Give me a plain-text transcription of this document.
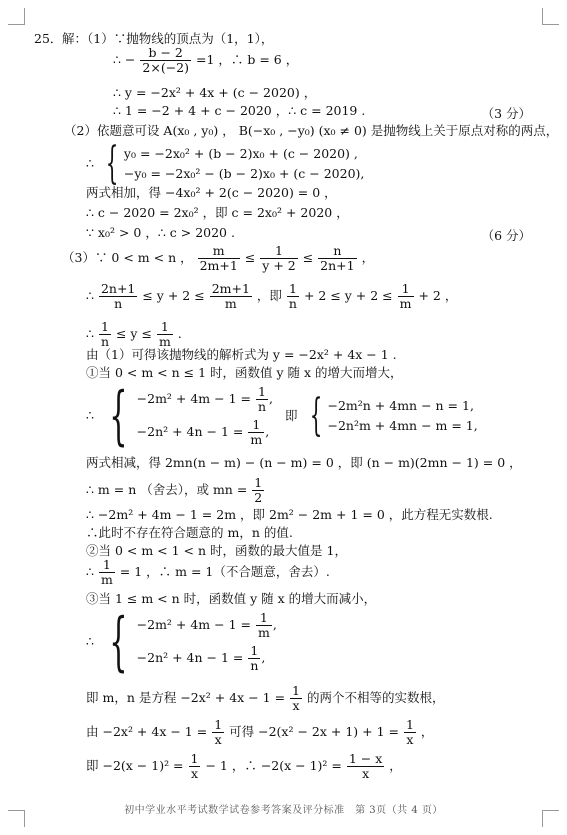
25． 解：（1）∵抛物线的顶点为（1，1），
∴ − $\frac{b - 2}{2\times(-2)} =1$ ，∴ b = 6 ，
∴ y = −2x² + 4x + (c − 2020) ，
∴ 1 = −2 + 4 + c − 2020 ，∴ c = 2019 .	（3 分）
（2）依题意可设 A(x₀ , y₀) ， B(−x₀ , −y₀) (x₀ ≠ 0) 是抛物线上关于原点对称的两点，
∴ { y₀ = −2x₀² + (b − 2)x₀ + (c − 2020) ,
−y₀ = −2x₀² − (b − 2)x₀ + (c − 2020),
两式相加，得 −4x₀² + 2(c − 2020) = 0 ，
∴ c − 2020 = 2x₀² ，即 c = 2x₀² + 2020 ，
∵ x₀² > 0 ，∴ c > 2020 .	（6 分）
（3）∵ 0 < m < n ， $\frac{m}{2m+1} \le \frac{1}{y + 2} \le \frac{n}{2n+1}$ ，
∴ $\frac{2n+1}{n} \le y + 2 \le \frac{2m+1}{m}$ ，即 $\frac{1}{n} + 2 \le y + 2 \le \frac{1}{m} + 2$ ，
∴ $\frac{1}{n} \le y \le \frac{1}{m}$ .
由（1）可得该抛物线的解析式为 y = −2x² + 4x − 1 .
①当 0 < m < n ≤ 1 时，函数值 y 随 x 的增大而增大，
∴ { $-2m^2 + 4m - 1 = \frac{1}{n}$ ,
$-2n^2 + 4n - 1 = \frac{1}{m}$ ,
即 { −2m²n + 4mn − n = 1,
−2n²m + 4mn − m = 1,
两式相减，得 2mn(n − m) − (n − m) = 0 ，即 (n − m)(2mn − 1) = 0 ，
∴ m = n （舍去），或 mn = $\frac{1}{2}$
∴ −2m² + 4m − 1 = 2m ，即 2m² − 2m + 1 = 0 ，此方程无实数根.
∴此时不存在符合题意的 m，n 的值.
②当 0 < m < 1 < n 时，函数的最大值是 1，
∴ $\frac{1}{m} = 1$ ，∴ m = 1（不合题意，舍去）.
③当 1 ≤ m < n 时，函数值 y 随 x 的增大而减小，
∴ { $-2m^2 + 4m - 1 = \frac{1}{m}$ ,
$-2n^2 + 4n - 1 = \frac{1}{n}$ ,
即 m，n 是方程 $-2x^2 + 4x - 1 = \frac{1}{x}$ 的两个不相等的实数根，
由 $-2x^2 + 4x - 1 = \frac{1}{x}$ 可得 $-2(x^2 - 2x + 1) + 1 = \frac{1}{x}$ ，
即 $-2(x - 1)^2 = \frac{1}{x} - 1$ ，∴ $-2(x - 1)^2 = \frac{1 - x}{x}$ ，
初中学业水平考试数学试卷参考答案及评分标准　第 3页（共 4 页）
